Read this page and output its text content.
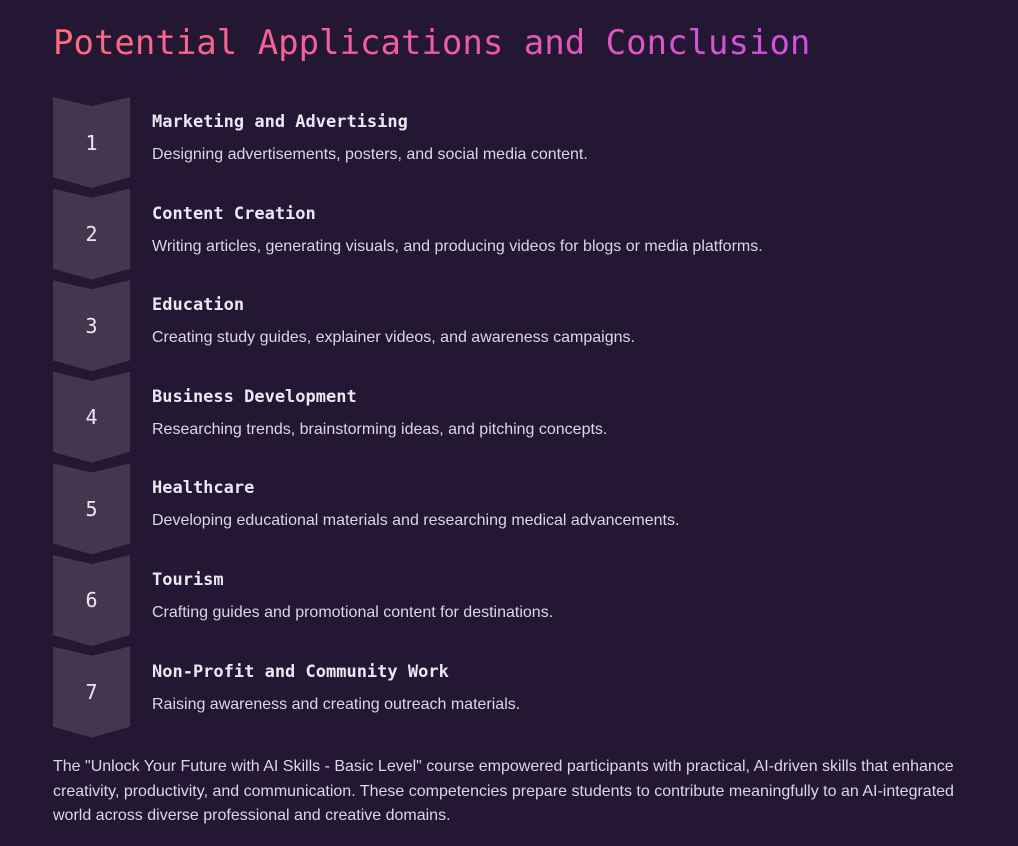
Potential Applications and Conclusion
1
Marketing and Advertising
Designing advertisements, posters, and social media content.
2
Content Creation
Writing articles, generating visuals, and producing videos for blogs or media platforms.
3
Education
Creating study guides, explainer videos, and awareness campaigns.
4
Business Development
Researching trends, brainstorming ideas, and pitching concepts.
5
Healthcare
Developing educational materials and researching medical advancements.
6
Tourism
Crafting guides and promotional content for destinations.
7
Non-Profit and Community Work
Raising awareness and creating outreach materials.

The "Unlock Your Future with AI Skills - Basic Level" course empowered participants with practical, AI-driven skills that enhance creativity, productivity, and communication. These competencies prepare students to contribute meaningfully to an AI-integrated world across diverse professional and creative domains.
